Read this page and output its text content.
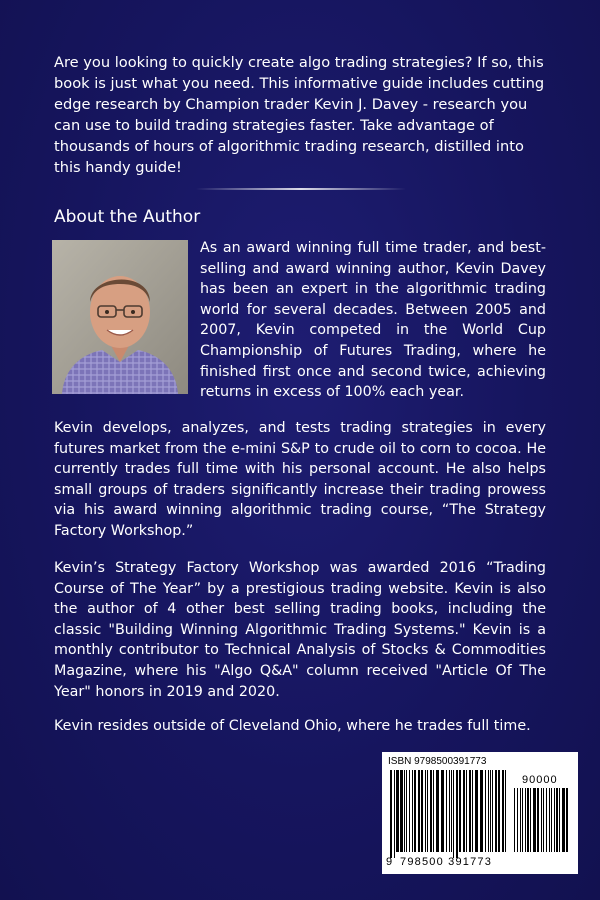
Are you looking to quickly create algo trading strategies? If so, this book is just what you need. This informative guide includes cutting edge research by Champion trader Kevin J. Davey - research you can use to build trading strategies faster. Take advantage of thousands of hours of algorithmic trading research, distilled into this handy guide!

About the Author

As an award winning full time trader, and best-selling and award winning author, Kevin Davey has been an expert in the algorithmic trading world for several decades. Between 2005 and 2007, Kevin competed in the World Cup Championship of Futures Trading, where he finished first once and second twice, achieving returns in excess of 100% each year.

Kevin develops, analyzes, and tests trading strategies in every futures market from the e-mini S&P to crude oil to corn to cocoa. He currently trades full time with his personal account. He also helps small groups of traders significantly increase their trading prowess via his award winning algorithmic trading course, “The Strategy Factory Workshop.”

Kevin’s Strategy Factory Workshop was awarded 2016 “Trading Course of The Year” by a prestigious trading website. Kevin is also the author of 4 other best selling trading books, including the classic "Building Winning Algorithmic Trading Systems." Kevin is a monthly contributor to Technical Analysis of Stocks & Commodities Magazine, where his "Algo Q&A" column received "Article Of The Year" honors in 2019 and 2020.

Kevin resides outside of Cleveland Ohio, where he trades full time.

ISBN 9798500391773
90000
9 798500 391773
